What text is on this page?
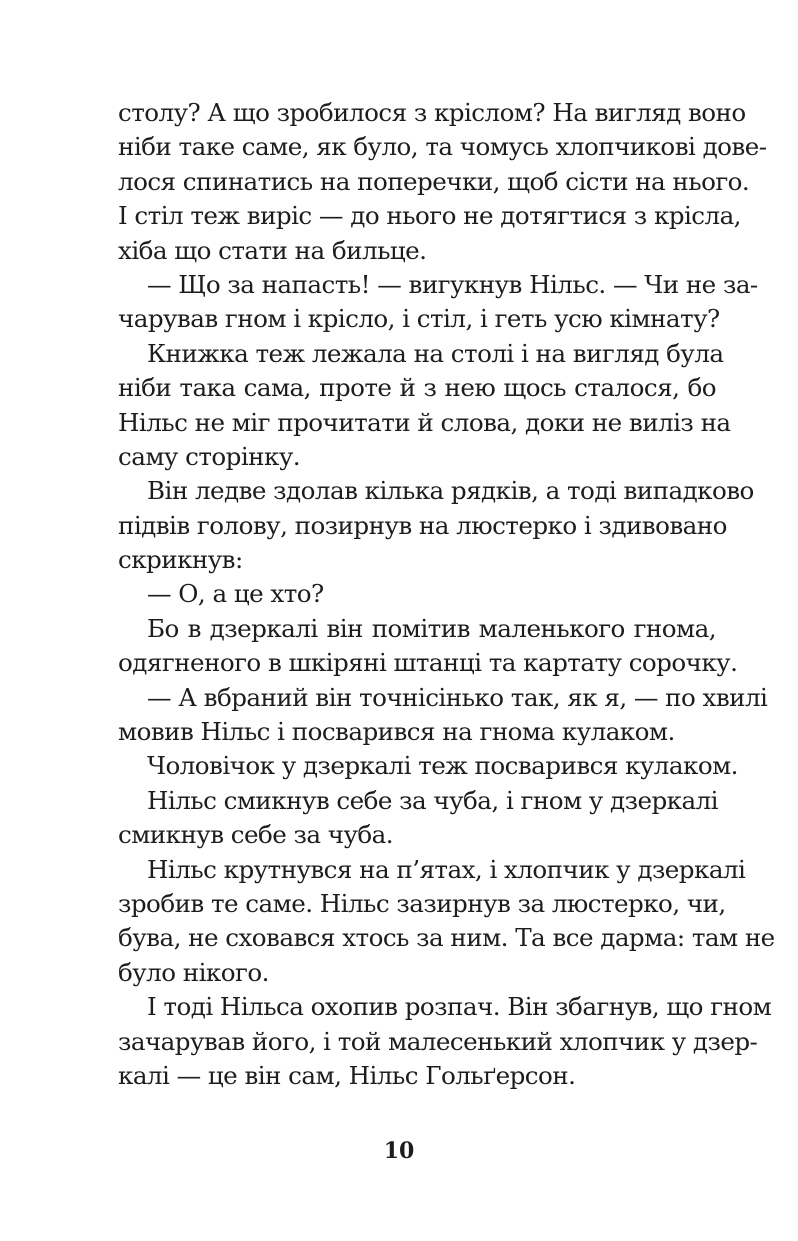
столу? А що зробилося з кріслом? На вигляд воно
ніби таке саме, як було, та чомусь хлопчикові дове-
лося спинатись на поперечки, щоб сісти на нього.
І стіл теж виріс — до нього не дотягтися з крісла,
хіба що стати на бильце.
— Що за напасть! — вигукнув Нільс. — Чи не за-
чарував гном і крісло, і стіл, і геть усю кімнату?
Книжка теж лежала на столі і на вигляд була
ніби така сама, проте й з нею щось сталося, бо
Нільс не міг прочитати й слова, доки не виліз на
саму сторінку.
Він ледве здолав кілька рядків, а тоді випадково
підвів голову, позирнув на люстерко і здивовано
скрикнув:
— О, а це хто?
Бо в дзеркалі він помітив маленького гнома,
одягненого в шкіряні штанці та картату сорочку.
— А вбраний він точнісінько так, як я, — по хвилі
мовив Нільс і посварився на гнома кулаком.
Чоловічок у дзеркалі теж посварився кулаком.
Нільс смикнув себе за чуба, і гном у дзеркалі
смикнув себе за чуба.
Нільс крутнувся на п’ятах, і хлопчик у дзеркалі
зробив те саме. Нільс зазирнув за люстерко, чи,
бува, не сховався хтось за ним. Та все дарма: там не
було нікого.
І тоді Нільса охопив розпач. Він збагнув, що гном
зачарував його, і той малесенький хлопчик у дзер-
калі — це він сам, Нільс Гольґерсон.
10
